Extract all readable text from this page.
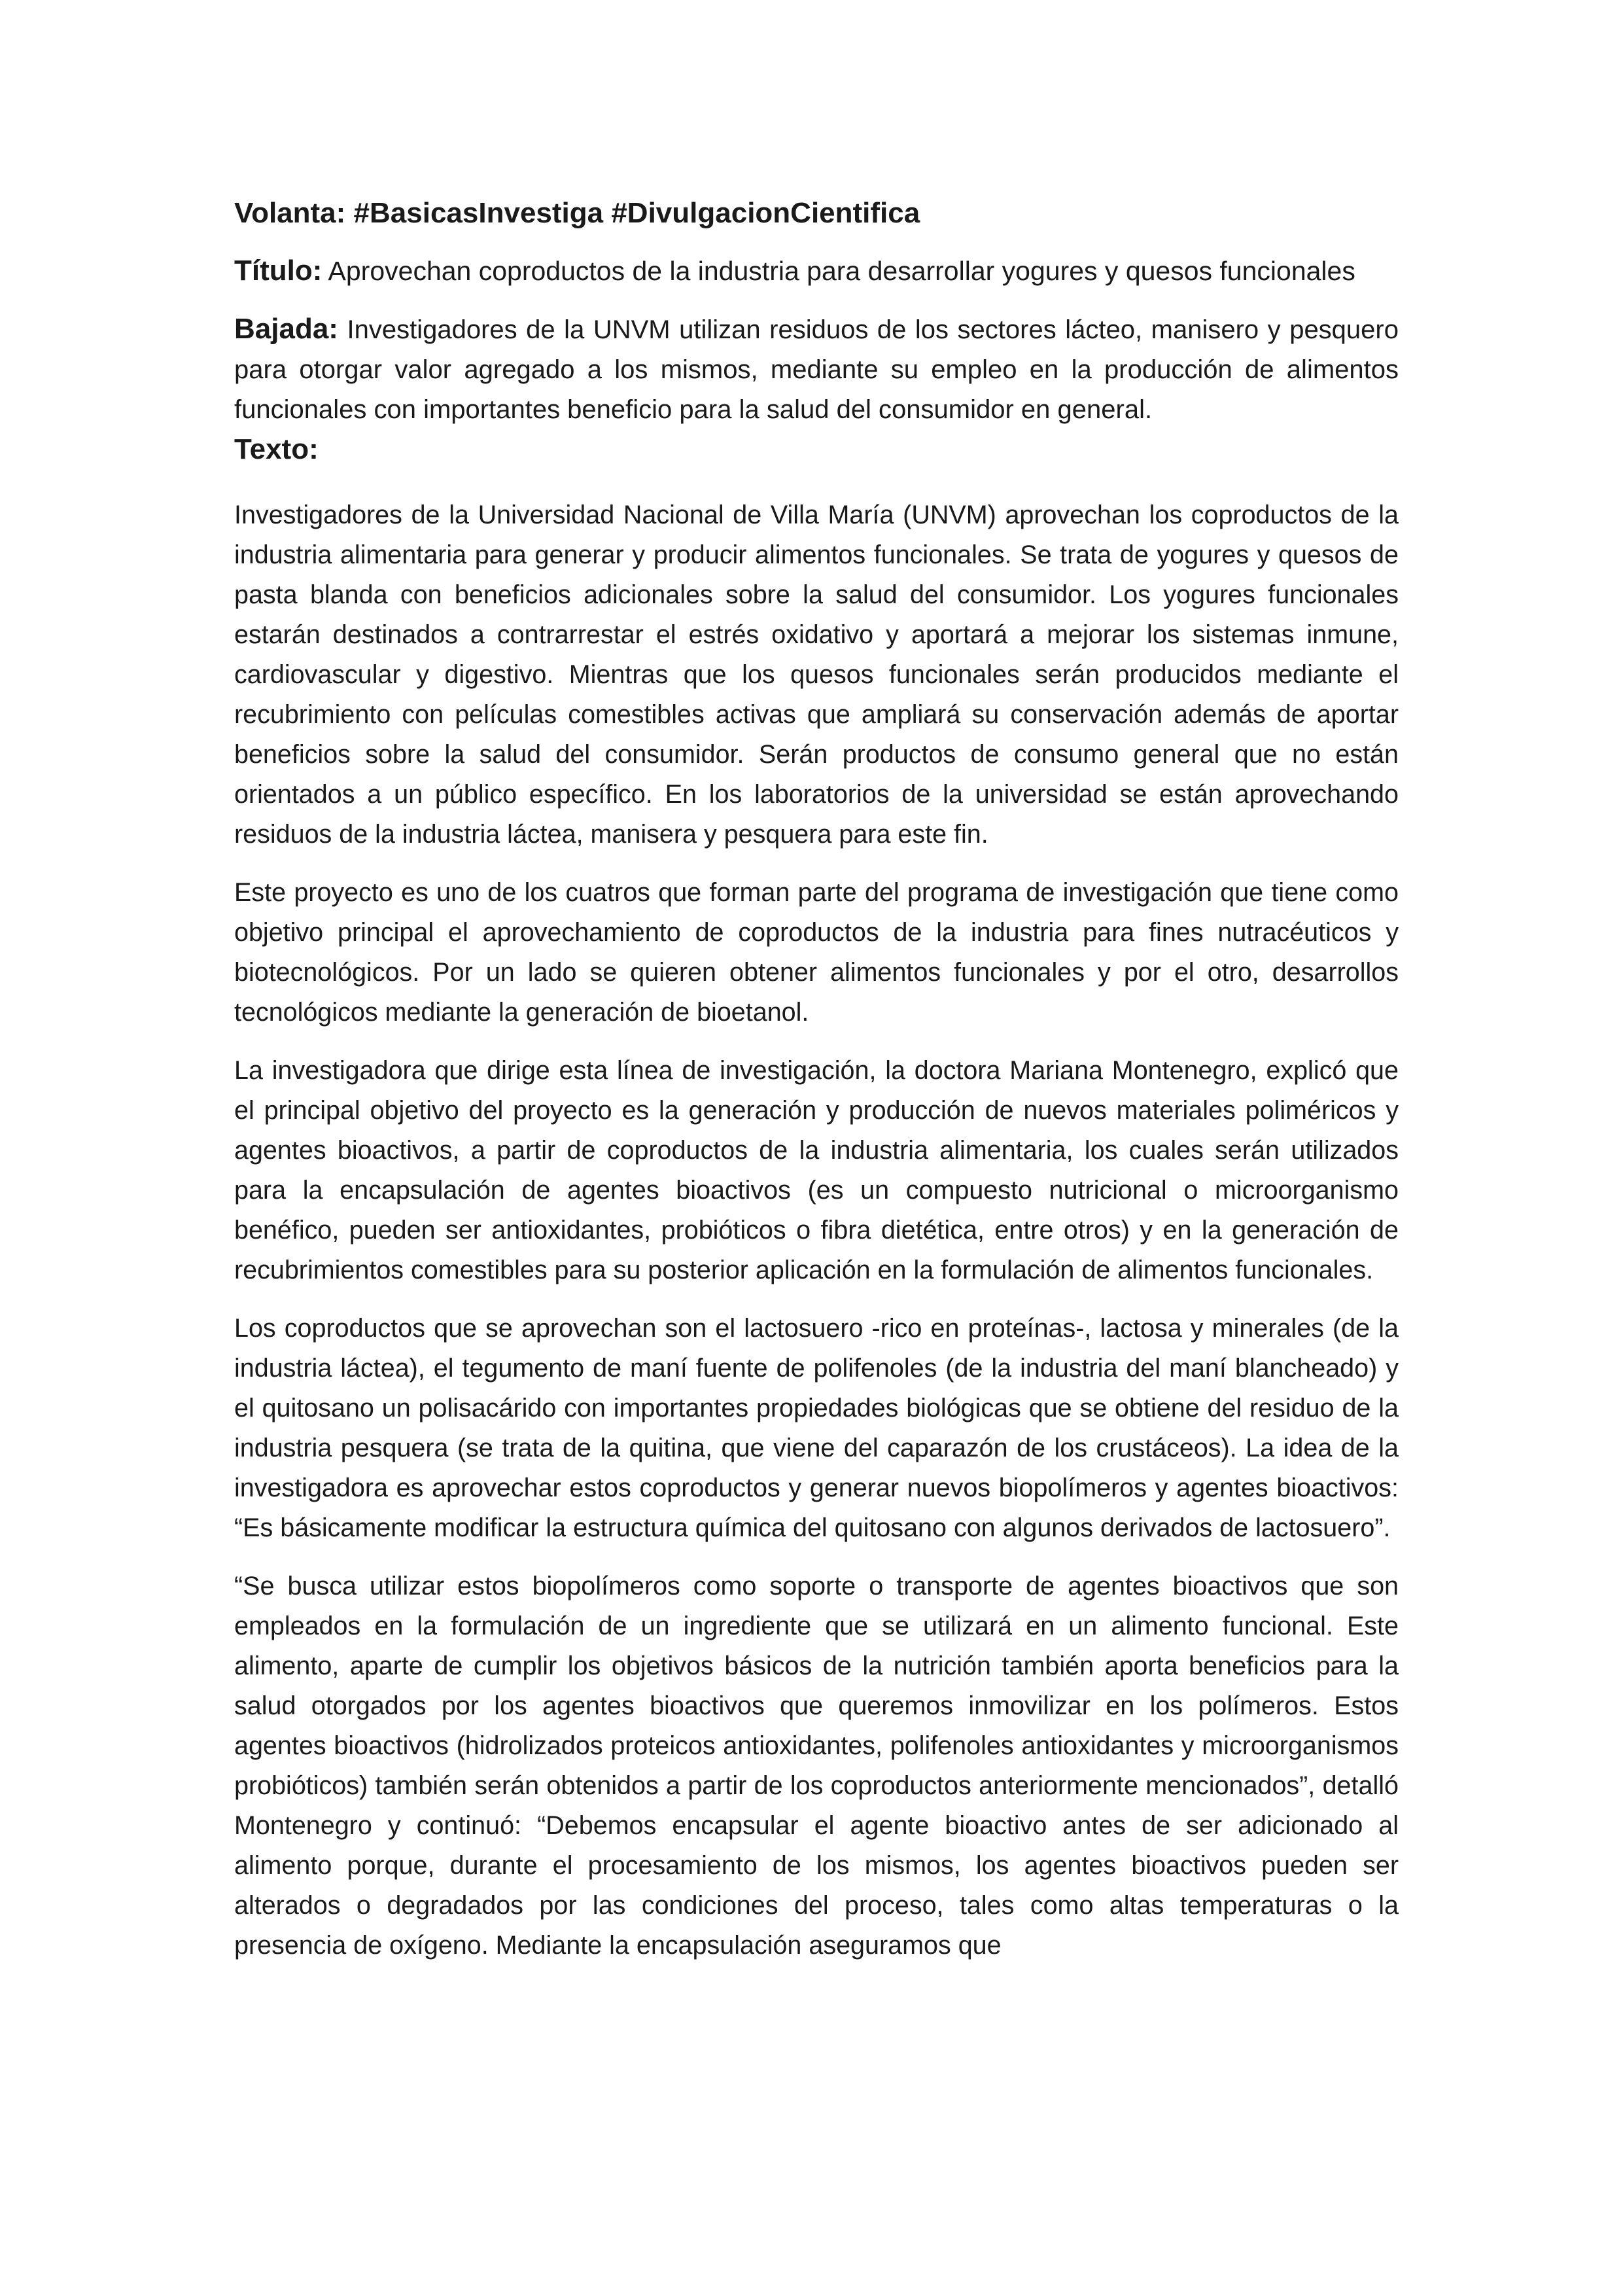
Volanta: #BasicasInvestiga #DivulgacionCientifica

Título: Aprovechan coproductos de la industria para desarrollar yogures y quesos funcionales

Bajada: Investigadores de la UNVM utilizan residuos de los sectores lácteo, manisero y pesquero para otorgar valor agregado a los mismos, mediante su empleo en la producción de alimentos funcionales con importantes beneficio para la salud del consumidor en general.

Texto:

Investigadores de la Universidad Nacional de Villa María (UNVM) aprovechan los coproductos de la industria alimentaria para generar y producir alimentos funcionales. Se trata de yogures y quesos de pasta blanda con beneficios adicionales sobre la salud del consumidor. Los yogures funcionales estarán destinados a contrarrestar el estrés oxidativo y aportará a mejorar los sistemas inmune, cardiovascular y digestivo. Mientras que los quesos funcionales serán producidos mediante el recubrimiento con películas comestibles activas que ampliará su conservación además de aportar beneficios sobre la salud del consumidor. Serán productos de consumo general que no están orientados a un público específico. En los laboratorios de la universidad se están aprovechando residuos de la industria láctea, manisera y pesquera para este fin.

Este proyecto es uno de los cuatros que forman parte del programa de investigación que tiene como objetivo principal el aprovechamiento de coproductos de la industria para fines nutracéuticos y biotecnológicos. Por un lado se quieren obtener alimentos funcionales y por el otro, desarrollos tecnológicos mediante la generación de bioetanol.

La investigadora que dirige esta línea de investigación, la doctora Mariana Montenegro, explicó que el principal objetivo del proyecto es la generación y producción de nuevos materiales poliméricos y agentes bioactivos, a partir de coproductos de la industria alimentaria, los cuales serán utilizados para la encapsulación de agentes bioactivos (es un compuesto nutricional o microorganismo benéfico, pueden ser antioxidantes, probióticos o fibra dietética, entre otros) y en la generación de recubrimientos comestibles para su posterior aplicación en la formulación de alimentos funcionales.

Los coproductos que se aprovechan son el lactosuero -rico en proteínas-, lactosa y minerales (de la industria láctea), el tegumento de maní fuente de polifenoles (de la industria del maní blancheado) y el quitosano un polisacárido con importantes propiedades biológicas que se obtiene del residuo de la industria pesquera (se trata de la quitina, que viene del caparazón de los crustáceos). La idea de la investigadora es aprovechar estos coproductos y generar nuevos biopolímeros y agentes bioactivos: “Es básicamente modificar la estructura química del quitosano con algunos derivados de lactosuero”.

“Se busca utilizar estos biopolímeros como soporte o transporte de agentes bioactivos que son empleados en la formulación de un ingrediente que se utilizará en un alimento funcional. Este alimento, aparte de cumplir los objetivos básicos de la nutrición también aporta beneficios para la salud otorgados por los agentes bioactivos que queremos inmovilizar en los polímeros. Estos agentes bioactivos (hidrolizados proteicos antioxidantes, polifenoles antioxidantes y microorganismos probióticos) también serán obtenidos a partir de los coproductos anteriormente mencionados”, detalló Montenegro y continuó: “Debemos encapsular el agente bioactivo antes de ser adicionado al alimento porque, durante el procesamiento de los mismos, los agentes bioactivos pueden ser alterados o degradados por las condiciones del proceso, tales como altas temperaturas o la presencia de oxígeno. Mediante la encapsulación aseguramos que
